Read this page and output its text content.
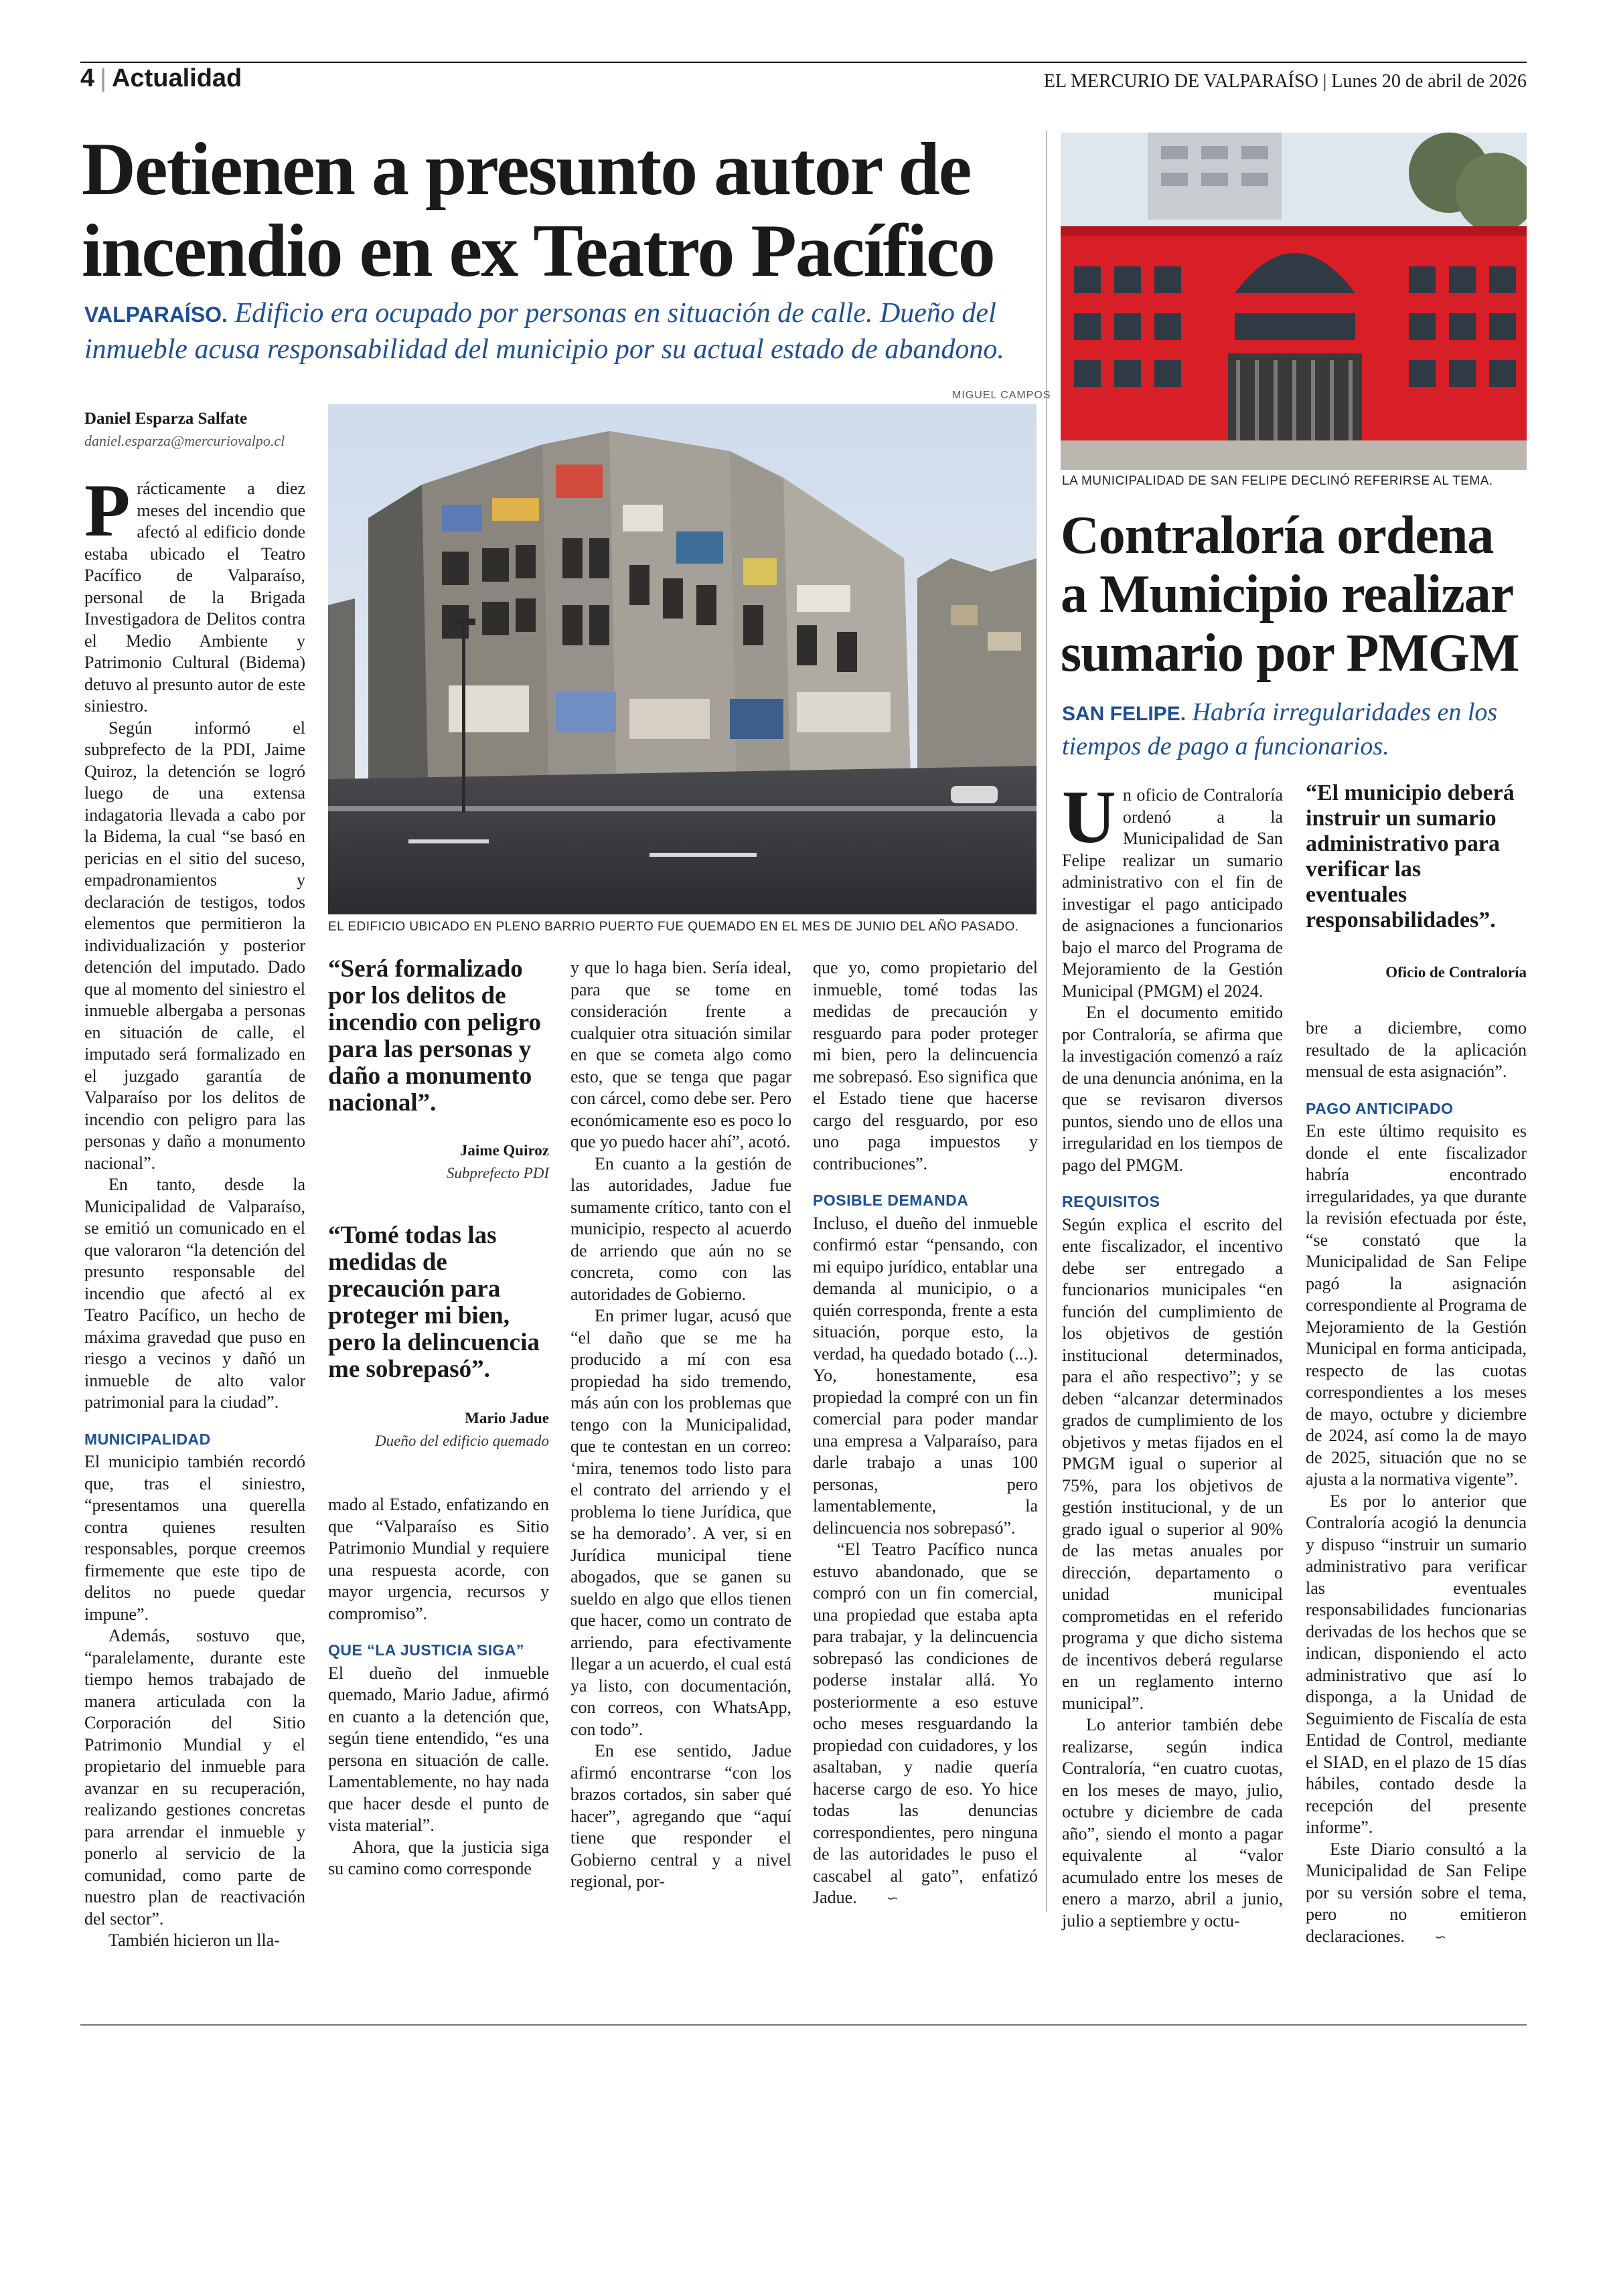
4 | Actualidad	EL MERCURIO DE VALPARAÍSO | Lunes 20 de abril de 2026
Detienen a presunto autor de incendio en ex Teatro Pacífico
VALPARAÍSO. Edificio era ocupado por personas en situación de calle. Dueño del inmueble acusa responsabilidad del municipio por su actual estado de abandono.
Daniel Esparza Salfate
daniel.esparza@mercuriovalpo.cl
MIGUEL CAMPOS
EL EDIFICIO UBICADO EN PLENO BARRIO PUERTO FUE QUEMADO EN EL MES DE JUNIO DEL AÑO PASADO.

Prácticamente a diez meses del incendio que afectó al edificio donde estaba ubicado el Teatro Pacífico de Valparaíso, personal de la Brigada Investigadora de Delitos contra el Medio Ambiente y Patrimonio Cultural (Bidema) detuvo al presunto autor de este siniestro.

Según informó el subprefecto de la PDI, Jaime Quiroz, la detención se logró luego de una extensa indagatoria llevada a cabo por la Bidema, la cual “se basó en pericias en el sitio del suceso, empadronamientos y declaración de testigos, todos elementos que permitieron la individualización y posterior detención del imputado. Dado que al momento del siniestro el inmueble albergaba a personas en situación de calle, el imputado será formalizado en el juzgado garantía de Valparaíso por los delitos de incendio con peligro para las personas y daño a monumento nacional”.

En tanto, desde la Municipalidad de Valparaíso, se emitió un comunicado en el que valoraron “la detención del presunto responsable del incendio que afectó al ex Teatro Pacífico, un hecho de máxima gravedad que puso en riesgo a vecinos y dañó un inmueble de alto valor patrimonial para la ciudad”.

MUNICIPALIDAD

El municipio también recordó que, tras el siniestro, “presentamos una querella contra quienes resulten responsables, porque creemos firmemente que este tipo de delitos no puede quedar impune”.

Además, sostuvo que, “paralelamente, durante este tiempo hemos trabajado de manera articulada con la Corporación del Sitio Patrimonio Mundial y el propietario del inmueble para avanzar en su recuperación, realizando gestiones concretas para arrendar el inmueble y ponerlo al servicio de la comunidad, como parte de nuestro plan de reactivación del sector”.

También hicieron un lla-

“Será formalizado por los delitos de incendio con peligro para las personas y daño a monumento nacional”.
Jaime Quiroz
Subprefecto PDI
“Tomé todas las medidas de precaución para proteger mi bien, pero la delincuencia me sobrepasó”.
Mario Jadue
Dueño del edificio quemado

mado al Estado, enfatizando en que “Valparaíso es Sitio Patrimonio Mundial y requiere una respuesta acorde, con mayor urgencia, recursos y compromiso”.

QUE “LA JUSTICIA SIGA”

El dueño del inmueble quemado, Mario Jadue, afirmó en cuanto a la detención que, según tiene entendido, “es una persona en situación de calle. Lamentablemente, no hay nada que hacer desde el punto de vista material”.

Ahora, que la justicia siga su camino como corresponde

y que lo haga bien. Sería ideal, para que se tome en consideración frente a cualquier otra situación similar en que se cometa algo como esto, que se tenga que pagar con cárcel, como debe ser. Pero económicamente eso es poco lo que yo puedo hacer ahí”, acotó.

En cuanto a la gestión de las autoridades, Jadue fue sumamente crítico, tanto con el municipio, respecto al acuerdo de arriendo que aún no se concreta, como con las autoridades de Gobierno.

En primer lugar, acusó que “el daño que se me ha producido a mí con esa propiedad ha sido tremendo, más aún con los problemas que tengo con la Municipalidad, que te contestan en un correo: ‘mira, tenemos todo listo para el contrato del arriendo y el problema lo tiene Jurídica, que se ha demorado’. A ver, si en Jurídica municipal tiene abogados, que se ganen su sueldo en algo que ellos tienen que hacer, como un contrato de arriendo, para efectivamente llegar a un acuerdo, el cual está ya listo, con documentación, con correos, con WhatsApp, con todo”.

En ese sentido, Jadue afirmó encontrarse “con los brazos cortados, sin saber qué hacer”, agregando que “aquí tiene que responder el Gobierno central y a nivel regional, por-

que yo, como propietario del inmueble, tomé todas las medidas de precaución y resguardo para poder proteger mi bien, pero la delincuencia me sobrepasó. Eso significa que el Estado tiene que hacerse cargo del resguardo, por eso uno paga impuestos y contribuciones”.

POSIBLE DEMANDA

Incluso, el dueño del inmueble confirmó estar “pensando, con mi equipo jurídico, entablar una demanda al municipio, o a quién corresponda, frente a esta situación, porque esto, la verdad, ha quedado botado (...). Yo, honestamente, esa propiedad la compré con un fin comercial para poder mandar una empresa a Valparaíso, para darle trabajo a unas 100 personas, pero lamentablemente, la delincuencia nos sobrepasó”.

“El Teatro Pacífico nunca estuvo abandonado, que se compró con un fin comercial, una propiedad que estaba apta para trabajar, y la delincuencia sobrepasó las condiciones de poderse instalar allá. Yo posteriormente a eso estuve ocho meses resguardando la propiedad con cuidadores, y los asaltaban, y nadie quería hacerse cargo de eso. Yo hice todas las denuncias correspondientes, pero ninguna de las autoridades le puso el cascabel al gato”, enfatizó Jadue. ∽

LA MUNICIPALIDAD DE SAN FELIPE DECLINÓ REFERIRSE AL TEMA.
Contraloría ordena a Municipio realizar sumario por PMGM
SAN FELIPE. Habría irregularidades en los tiempos de pago a funcionarios.
“El municipio deberá instruir un sumario administrativo para verificar las eventuales responsabilidades”.
Oficio de Contraloría

Un oficio de Contraloría ordenó a la Municipalidad de San Felipe realizar un sumario administrativo con el fin de investigar el pago anticipado de asignaciones a funcionarios bajo el marco del Programa de Mejoramiento de la Gestión Municipal (PMGM) el 2024.

En el documento emitido por Contraloría, se afirma que la investigación comenzó a raíz de una denuncia anónima, en la que se revisaron diversos puntos, siendo uno de ellos una irregularidad en los tiempos de pago del PMGM.

REQUISITOS

Según explica el escrito del ente fiscalizador, el incentivo debe ser entregado a funcionarios municipales “en función del cumplimiento de los objetivos de gestión institucional determinados, para el año respectivo”; y se deben “alcanzar determinados grados de cumplimiento de los objetivos y metas fijados en el PMGM igual o superior al 75%, para los objetivos de gestión institucional, y de un grado igual o superior al 90% de las metas anuales por dirección, departamento o unidad municipal comprometidas en el referido programa y que dicho sistema de incentivos deberá regularse en un reglamento interno municipal”.

Lo anterior también debe realizarse, según indica Contraloría, “en cuatro cuotas, en los meses de mayo, julio, octubre y diciembre de cada año”, siendo el monto a pagar equivalente al “valor acumulado entre los meses de enero a marzo, abril a junio, julio a septiembre y octu-

bre a diciembre, como resultado de la aplicación mensual de esta asignación”.

PAGO ANTICIPADO

En este último requisito es donde el ente fiscalizador habría encontrado irregularidades, ya que durante la revisión efectuada por éste, “se constató que la Municipalidad de San Felipe pagó la asignación correspondiente al Programa de Mejoramiento de la Gestión Municipal en forma anticipada, respecto de las cuotas correspondientes a los meses de mayo, octubre y diciembre de 2024, así como la de mayo de 2025, situación que no se ajusta a la normativa vigente”.

Es por lo anterior que Contraloría acogió la denuncia y dispuso “instruir un sumario administrativo para verificar las eventuales responsabilidades funcionarias derivadas de los hechos que se indican, disponiendo el acto administrativo que así lo disponga, a la Unidad de Seguimiento de Fiscalía de esta Entidad de Control, mediante el SIAD, en el plazo de 15 días hábiles, contado desde la recepción del presente informe”.

Este Diario consultó a la Municipalidad de San Felipe por su versión sobre el tema, pero no emitieron declaraciones. ∽
